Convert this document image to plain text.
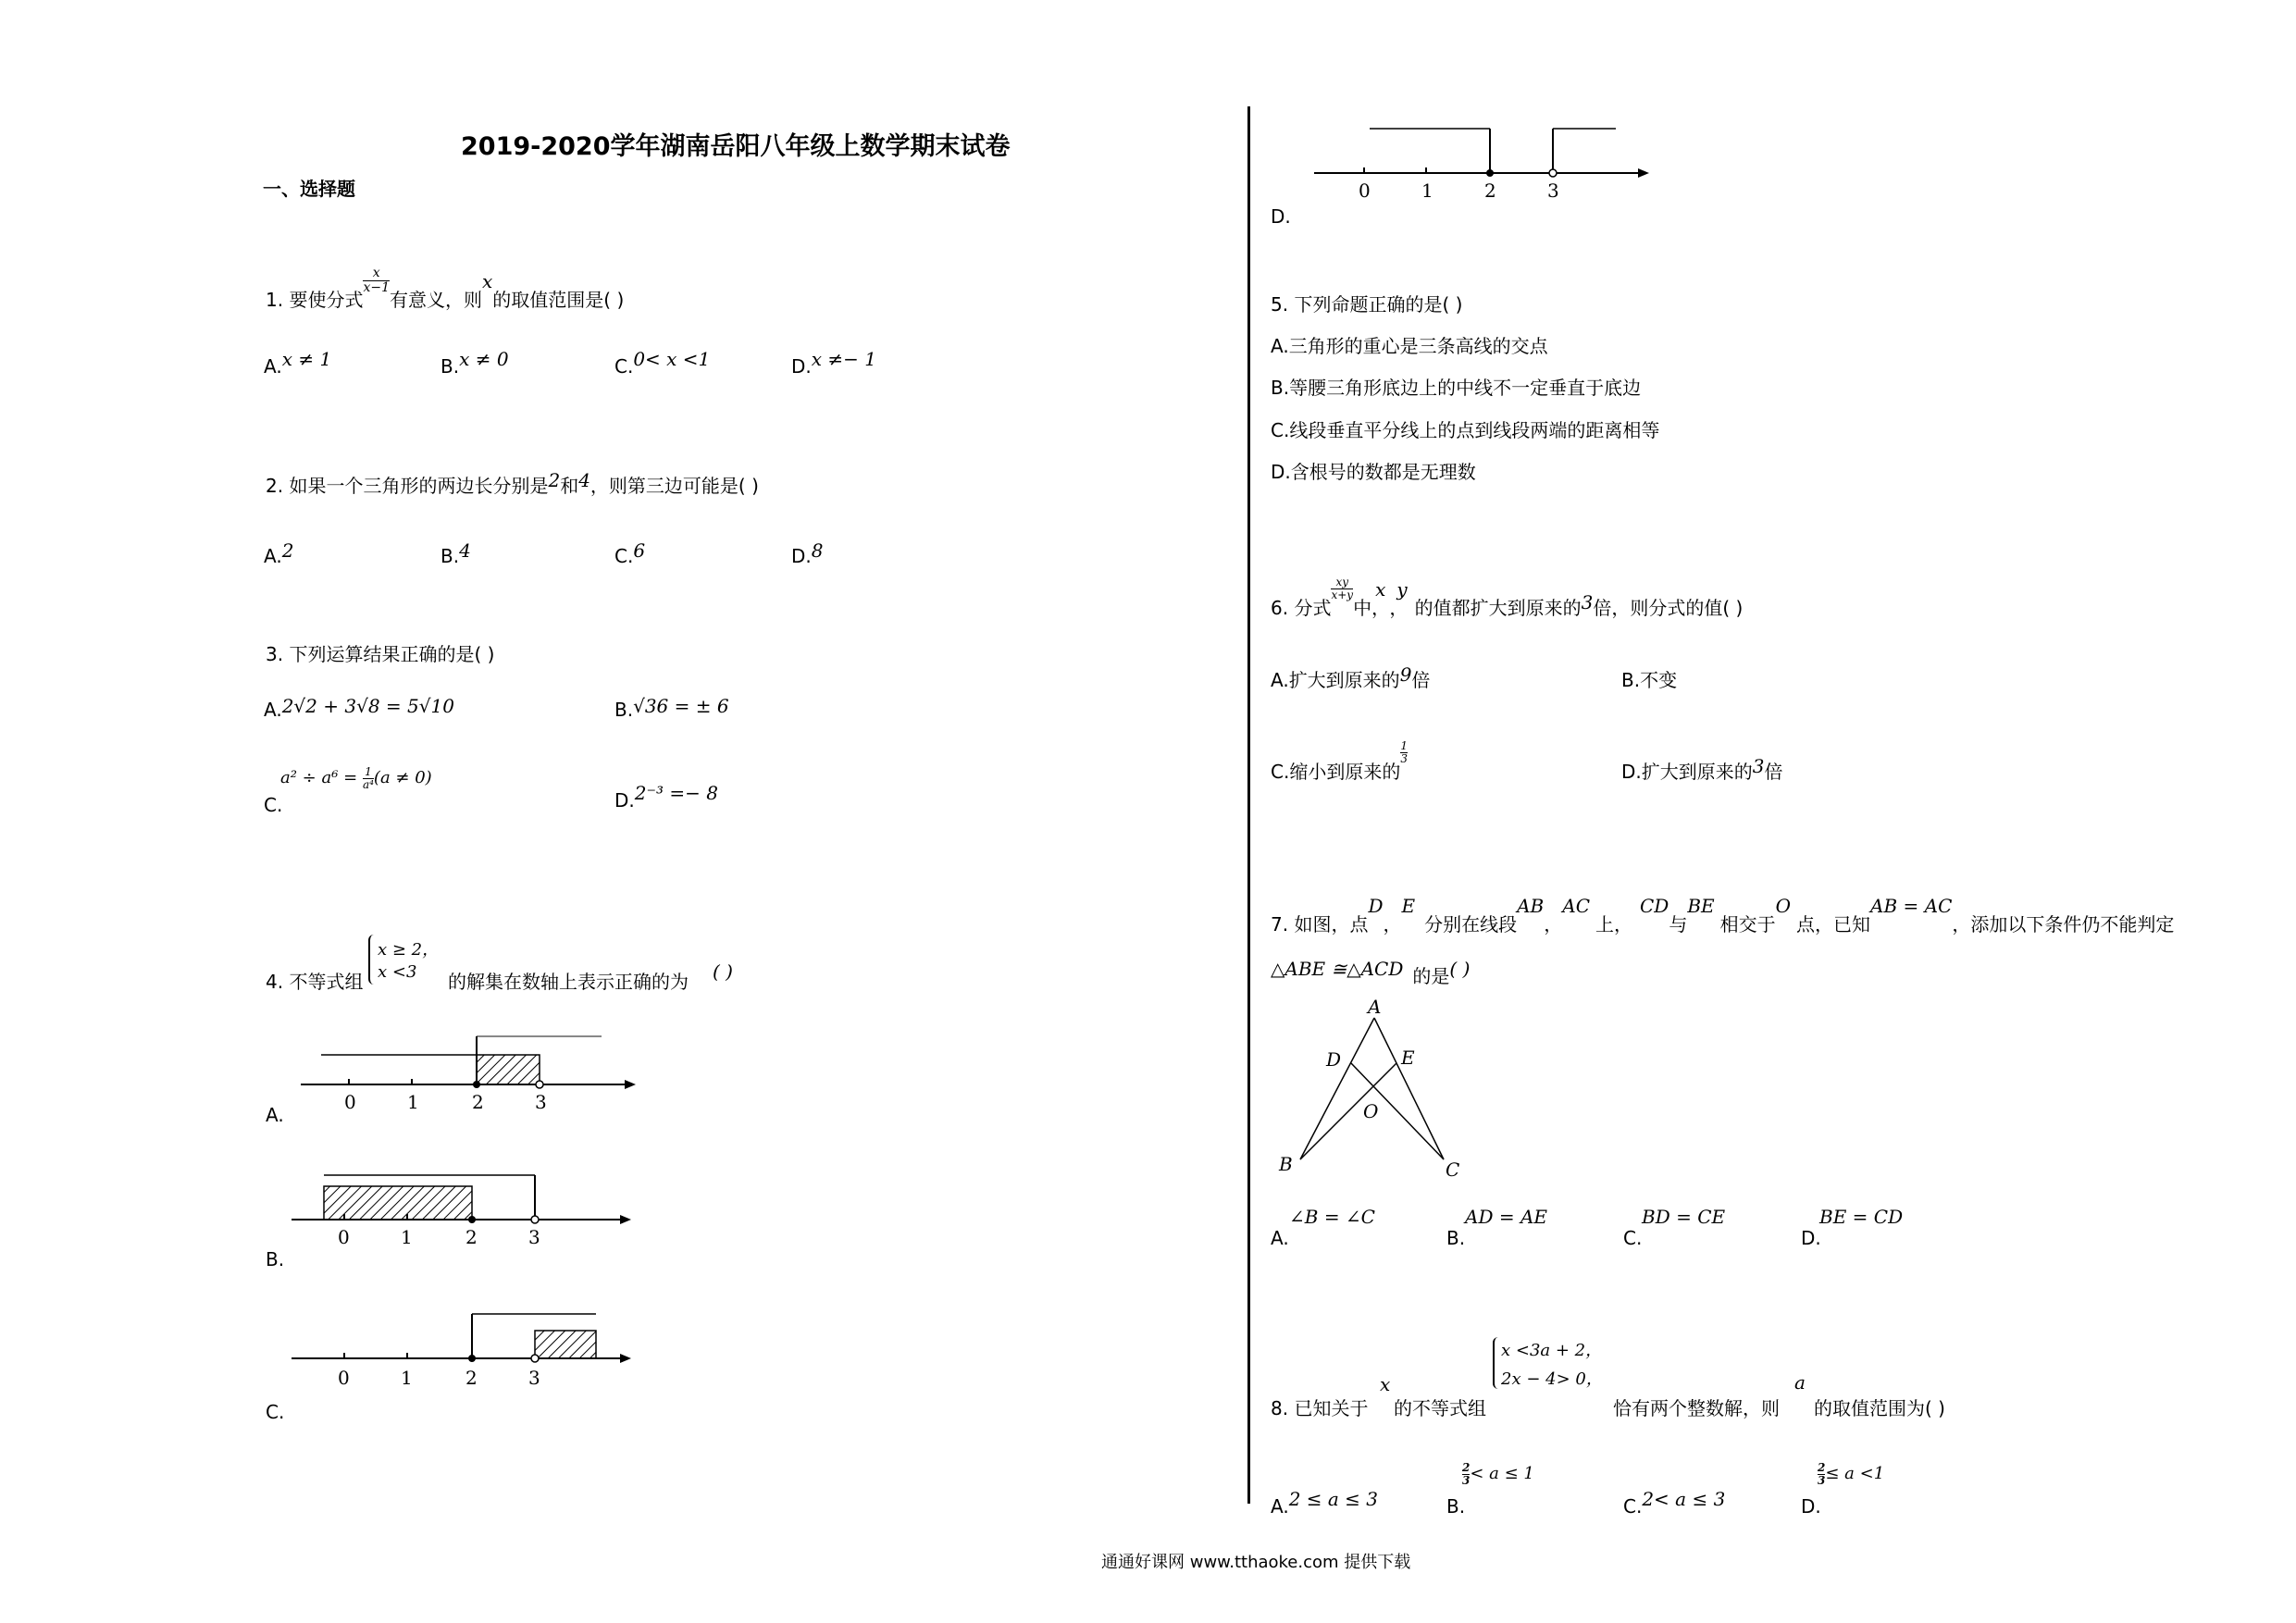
2019-2020学年湖南岳阳八年级上数学期末试卷
一、选择题
1. 要使分式
$\frac{x}{x-1}$
有意义，则x的取值范围是( )
A.x ≠ 1	B.x ≠ 0	C.0< x <1	D.x ≠− 1
2. 如果一个三角形的两边长分别是2和4，则第三边可能是( )
A.2	B.4	C.6	D.8
3. 下列运算结果正确的是( )
A.2√2 + 3√8 = 5√10	B.√36 = ± 6
$a^2 \div a^6 = \frac{1}{\text{a⁴}} (a \ne 0)$
C.	D.2⁻³ =− 8
4. 不等式组
x ≥ 2，
x <3 的解集在数轴上表示正确的为 ( )
0	1	2	3
A.
0	1	2	3
B.
0	1	2	3
C.
0	1	2	3
D.
5. 下列命题正确的是( )
A.三角形的重心是三条高线的交点
B.等腰三角形底边上的中线不一定垂直于底边
C.线段垂直平分线上的点到线段两端的距离相等
D.含根号的数都是无理数
6. 分式
$\frac{xy}{x+y}$
中，x，y的值都扩大到原来的3倍，则分式的值( )
A.扩大到原来的9倍	B.不变
C.缩小到原来的
$\frac{1}{3}$
D.扩大到原来的3倍
7. 如图，点D，E分别在线段AB，AC上，CD与BE相交于O点，已知AB = AC，添加以下条件仍不能判定
△ABE ≅△ACD 的是( )
A
B	C
D	E
O
∠B = ∠C
A.
AD = AE
B.
BD = CE
C.
BE = CD
D.
8. 已知关于
x
的不等式组
x <3a + 2，
2x − 4> 0，
恰有两个整数解，则
a
的取值范围为( )
A.2 ≤ a ≤ 3	B.
$\frac{2}{3} < a \le 1$
C.2< a ≤ 3	D.
$\frac{2}{3} \le a <1$
通通好课网 www.tthaoke.com 提供下载
